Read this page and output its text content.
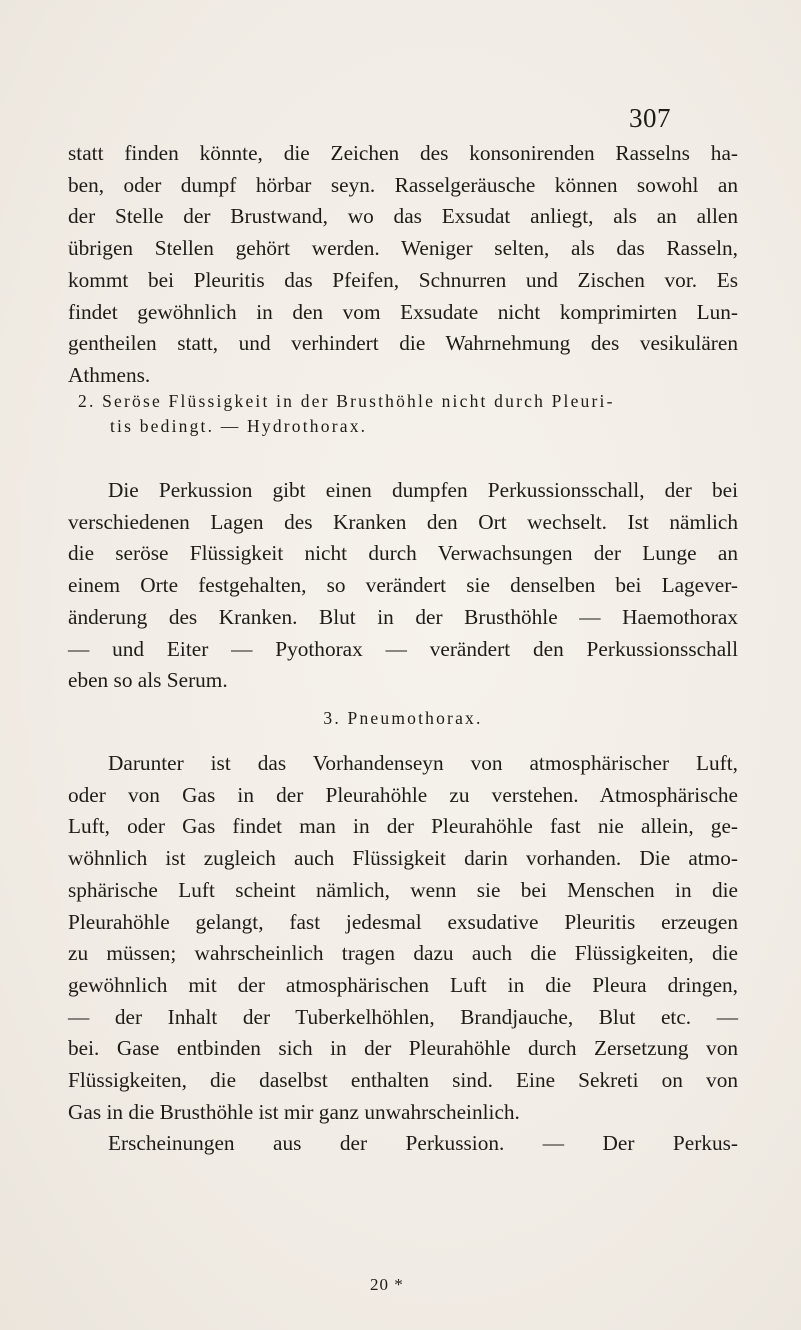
307
statt finden könnte, die Zeichen des konsonirenden Rasselns ha-
ben, oder dumpf hörbar seyn. Rasselgeräusche können sowohl an
der Stelle der Brustwand, wo das Exsudat anliegt, als an allen
übrigen Stellen gehört werden. Weniger selten, als das Rasseln,
kommt bei Pleuritis das Pfeifen, Schnurren und Zischen vor. Es
findet gewöhnlich in den vom Exsudate nicht komprimirten Lun-
gentheilen statt, und verhindert die Wahrnehmung des vesikulären
Athmens.
2. Seröse Flüssigkeit in der Brusthöhle nicht durch Pleuri-
tis bedingt. — Hydrothorax.
Die Perkussion gibt einen dumpfen Perkussionsschall, der bei
verschiedenen Lagen des Kranken den Ort wechselt. Ist nämlich
die seröse Flüssigkeit nicht durch Verwachsungen der Lunge an
einem Orte festgehalten, so verändert sie denselben bei Lagever-
änderung des Kranken. Blut in der Brusthöhle — Haemothorax
— und Eiter — Pyothorax — verändert den Perkussionsschall
eben so als Serum.
3. Pneumothorax.
Darunter ist das Vorhandenseyn von atmosphärischer Luft,
oder von Gas in der Pleurahöhle zu verstehen. Atmosphärische
Luft, oder Gas findet man in der Pleurahöhle fast nie allein, ge-
wöhnlich ist zugleich auch Flüssigkeit darin vorhanden. Die atmo-
sphärische Luft scheint nämlich, wenn sie bei Menschen in die
Pleurahöhle gelangt, fast jedesmal exsudative Pleuritis erzeugen
zu müssen; wahrscheinlich tragen dazu auch die Flüssigkeiten, die
gewöhnlich mit der atmosphärischen Luft in die Pleura dringen,
— der Inhalt der Tuberkelhöhlen, Brandjauche, Blut etc. —
bei. Gase entbinden sich in der Pleurahöhle durch Zersetzung von
Flüssigkeiten, die daselbst enthalten sind. Eine Sekreti on von
Gas in die Brusthöhle ist mir ganz unwahrscheinlich.
Erscheinungen aus der Perkussion. — Der Perkus-
20 *
